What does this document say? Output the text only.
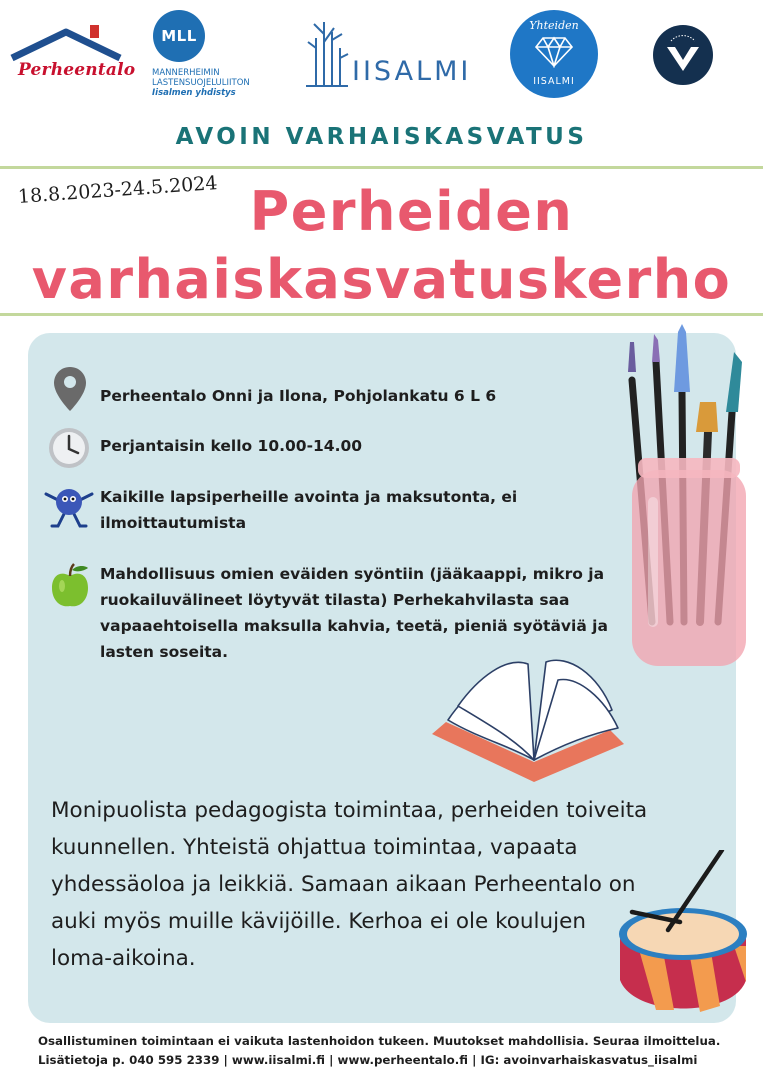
Perheentalo
MLL
MANNERHEIMIN
LASTENSUOJELULIITON
Iisalmen yhdistys
IISALMI
Yhteiden
IISALMI
AVOIN VARHAISKASVATUS
18.8.2023-24.5.2024 Perheiden
varhaiskasvatuskerho
Perheentalo Onni ja Ilona, Pohjolankatu 6 L 6
Perjantaisin kello 10.00-14.00
Kaikille lapsiperheille avointa ja maksutonta, ei ilmoittautumista
Mahdollisuus omien eväiden syöntiin (jääkaappi, mikro ja ruokailuvälineet löytyvät tilasta) Perhekahvilasta saa vapaaehtoisella maksulla kahvia, teetä, pieniä syötäviä ja lasten soseita.
Monipuolista pedagogista toimintaa, perheiden toiveita kuunnellen. Yhteistä ohjattua toimintaa, vapaata yhdessäoloa ja leikkiä. Samaan aikaan Perheentalo on auki myös muille kävijöille. Kerhoa ei ole koulujen loma-aikoina.
Osallistuminen toimintaan ei vaikuta lastenhoidon tukeen. Muutokset mahdollisia. Seuraa ilmoittelua.
Lisätietoja p. 040 595 2339 | www.iisalmi.fi | www.perheentalo.fi | IG: avoinvarhaiskasvatus_iisalmi
